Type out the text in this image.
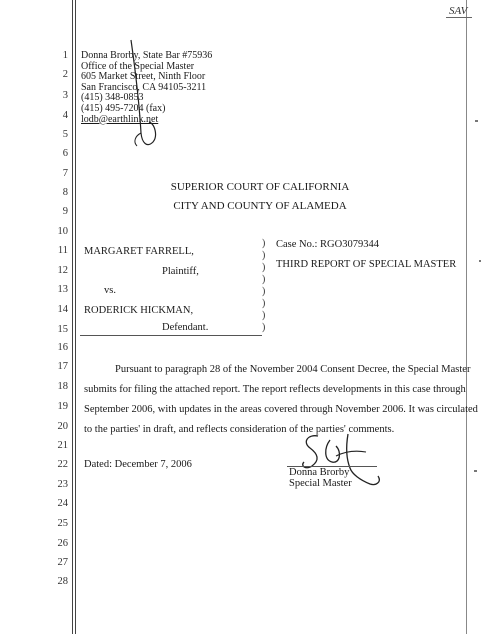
SAV
1
2
3
4
5
6
7
8
9
10
11
12
13
14
15
16
17
18
19
20
21
22
23
24
25
26
27
28
Donna Brorby, State Bar #75936
Office of the Special Master
605 Market Street, Ninth Floor
San Francisco, CA 94105-3211
(415) 348-0853
(415) 495-7204 (fax)
lodb@earthlink.net
SUPERIOR COURT OF CALIFORNIA
CITY AND COUNTY OF ALAMEDA
MARGARET FARRELL,
Plaintiff,
vs.
RODERICK HICKMAN,
Defendant.
)
)
)
)
)
)
)
)
Case No.: RGO3079344
THIRD REPORT OF SPECIAL MASTER
Pursuant to paragraph 28 of the November 2004 Consent Decree, the Special Master
submits for filing the attached report. The report reflects developments in this case through
September 2006, with updates in the areas covered through November 2006. It was circulated
to the parties' in draft, and reflects consideration of the parties' comments.
Dated: December 7, 2006
Donna Brorby
Special Master
